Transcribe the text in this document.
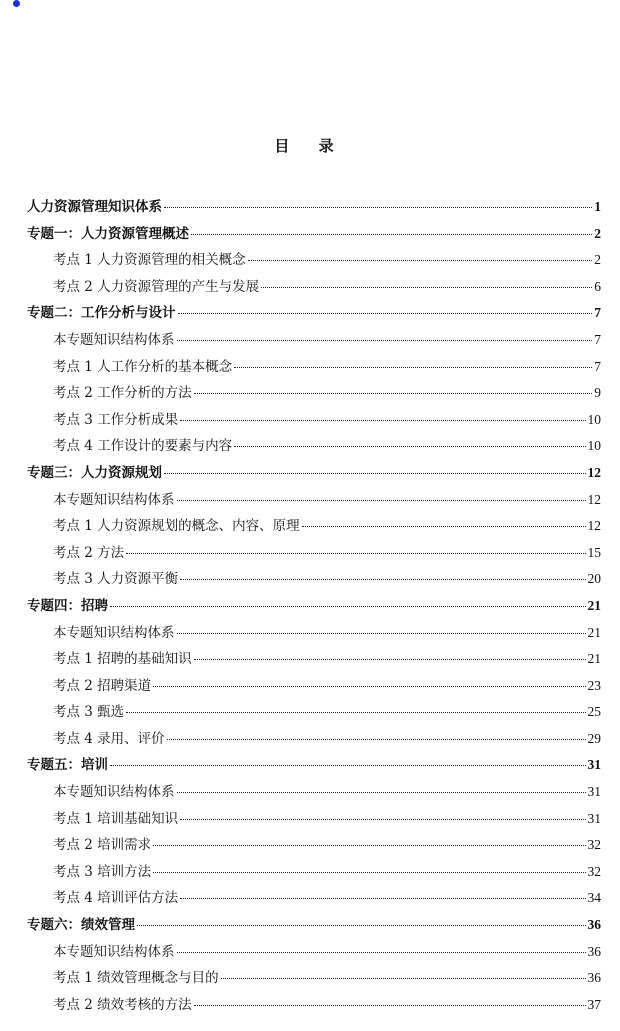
目 录
人力资源管理知识体系	1
专题一：人力资源管理概述	2
考点 1 人力资源管理的相关概念	2
考点 2 人力资源管理的产生与发展	6
专题二：工作分析与设计	7
本专题知识结构体系	7
考点 1 人工作分析的基本概念	7
考点 2 工作分析的方法	9
考点 3 工作分析成果	10
考点 4 工作设计的要素与内容	10
专题三：人力资源规划	12
本专题知识结构体系	12
考点 1 人力资源规划的概念、内容、原理	12
考点 2 方法	15
考点 3 人力资源平衡	20
专题四：招聘	21
本专题知识结构体系	21
考点 1 招聘的基础知识	21
考点 2 招聘渠道	23
考点 3 甄选	25
考点 4 录用、评价	29
专题五：培训	31
本专题知识结构体系	31
考点 1 培训基础知识	31
考点 2 培训需求	32
考点 3 培训方法	32
考点 4 培训评估方法	34
专题六：绩效管理	36
本专题知识结构体系	36
考点 1 绩效管理概念与目的	36
考点 2 绩效考核的方法	37
